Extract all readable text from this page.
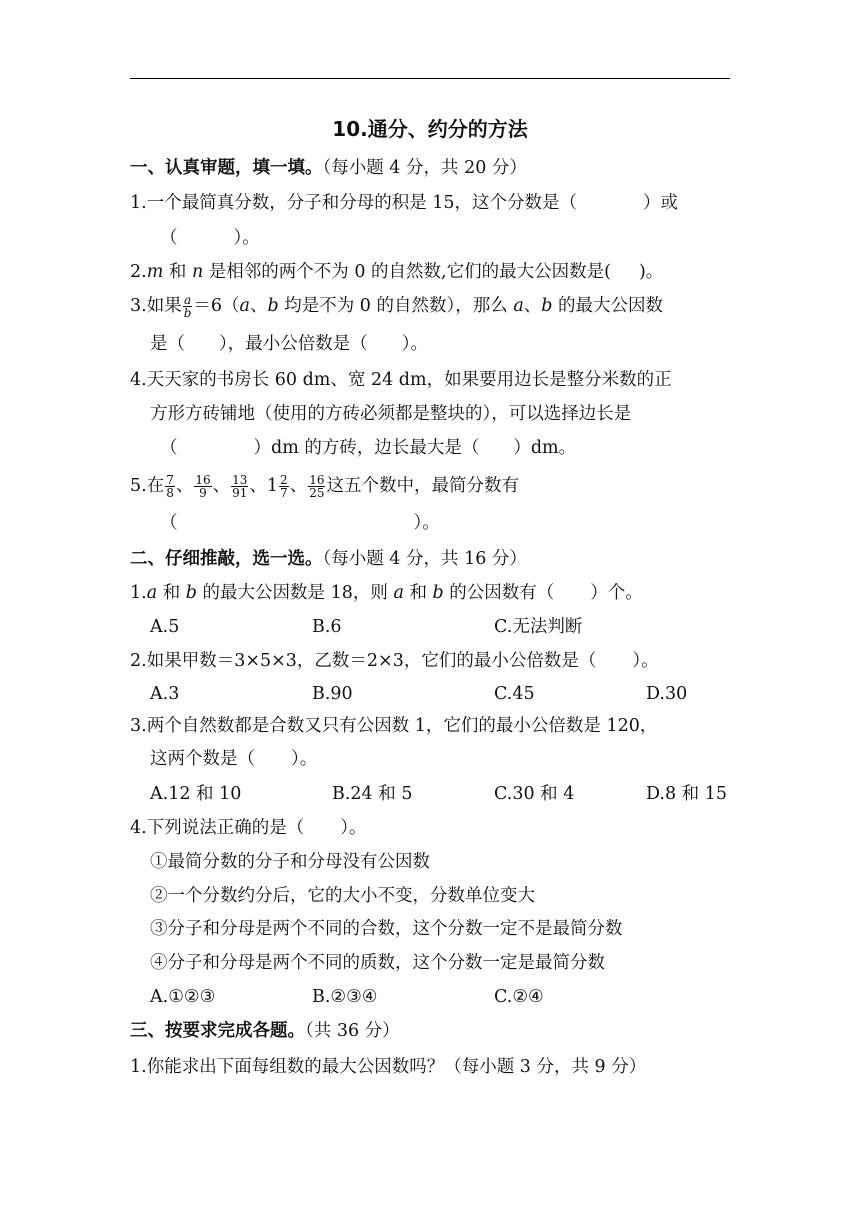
10.通分、约分的方法
一、认真审题，填一填。（每小题 4 分，共 20 分）
1.一个最简真分数，分子和分母的积是 15，这个分数是（	）或
（	）。
2.m 和 n 是相邻的两个不为 0 的自然数,它们的最大公因数是( )。
3.如果 $\frac{a}{b} =6(a$、b 均是不为 0 的自然数），那么 a、b 的最大公因数
是（ ），最小公倍数是（ ）。
4.天天家的书房长 60 dm、宽 24 dm，如果要用边长是整分米数的正
方形方砖铺地（使用的方砖必须都是整块的），可以选择边长是
（	）dm 的方砖，边长最大是（ ）dm。
5.在 $\frac{7}{8}$ 、 $\frac{16}{9}$ 、 $\frac{13}{91}$ 、$1 \frac{2}{7}$ 、 $\frac{16}{25}$ 这五个数中，最简分数有
（	）。
二、仔细推敲，选一选。（每小题 4 分，共 16 分）
1.a 和 b 的最大公因数是 18，则 a 和 b 的公因数有（ ）个。
A.5	B.6	C.无法判断
2.如果甲数＝3×5×3，乙数＝2×3，它们的最小公倍数是（ ）。
A.3	B.90	C.45	D.30
3.两个自然数都是合数又只有公因数 1，它们的最小公倍数是 120，
这两个数是（ ）。
A.12 和 10	B.24 和 5	C.30 和 4	D.8 和 15
4.下列说法正确的是（ ）。
①最简分数的分子和分母没有公因数
②一个分数约分后，它的大小不变，分数单位变大
③分子和分母是两个不同的合数，这个分数一定不是最简分数
④分子和分母是两个不同的质数，这个分数一定是最简分数
A.①②③	B.②③④	C.②④
三、按要求完成各题。（共 36 分）
1.你能求出下面每组数的最大公因数吗？（每小题 3 分，共 9 分）
